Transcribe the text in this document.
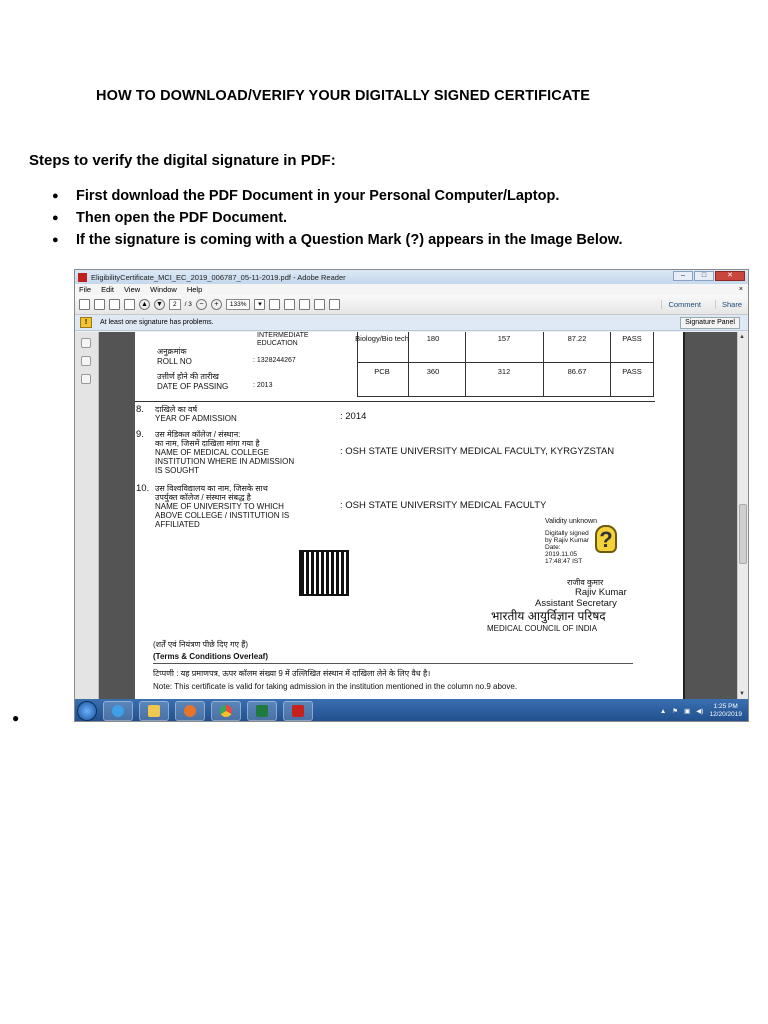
HOW TO DOWNLOAD/VERIFY YOUR DIGITALLY SIGNED CERTIFICATE
Steps to verify the digital signature in PDF:
●	First download the PDF Document in your Personal Computer/Laptop.
●	Then open the PDF Document.
●	If the signature is coming with a Question Mark (?) appears in the Image Below.
EligibilityCertificate_MCI_EC_2019_006787_05-11-2019.pdf - Adobe Reader	–	□	✕
File Edit View Window Help	×
▲ ▼	2	/ 3	−	+	133%	▾	Comment	Share
!	At least one signature has problems.	Signature Panel
INTERMEDIATE
EDUCATION
अनुक्रमांक
ROLL NO	: 1328244267
उत्तीर्ण होने की तारीख
DATE OF PASSING	: 2013
Biology/Bio tech	180	157	87.22	PASS
PCB	360	312	86.67	PASS
8. दाखिले का वर्ष
YEAR OF ADMISSION	: 2014
9. उस मेडिकल कॉलेज / संस्थान:
का नाम, जिसमें दाखिला मांगा गया है
NAME OF MEDICAL COLLEGE
INSTITUTION WHERE IN ADMISSION
IS SOUGHT
: OSH STATE UNIVERSITY MEDICAL FACULTY, KYRGYZSTAN
10. उस विश्वविद्यालय का नाम, जिसके साथ
उपर्युक्त कॉलेज / संस्थान संबद्ध है
NAME OF UNIVERSITY TO WHICH
ABOVE COLLEGE / INSTITUTION IS
AFFILIATED
: OSH STATE UNIVERSITY MEDICAL FACULTY
Validity unknown
Digitally signed
by Rajiv Kumar
Date:
2019.11.05
17:48:47 IST
राजीव कुमार
Rajiv Kumar
Assistant Secretary
भारतीय आयुर्विज्ञान परिषद
MEDICAL COUNCIL OF INDIA
(शर्तें एवं नियंत्रण पीछे दिए गए हैं)
(Terms & Conditions Overleaf)
टिप्पणी : यह प्रमाणपत्र, ऊपर कॉलम संख्या 9 में उल्लिखित संस्थान में दाखिला लेने के लिए वैध है।
Note: This certificate is valid for taking admission in the institution mentioned in the column no.9 above.
▲
▼
▲ ⚑ ▣ ◀)
1:25 PM
12/20/2019
?
●
